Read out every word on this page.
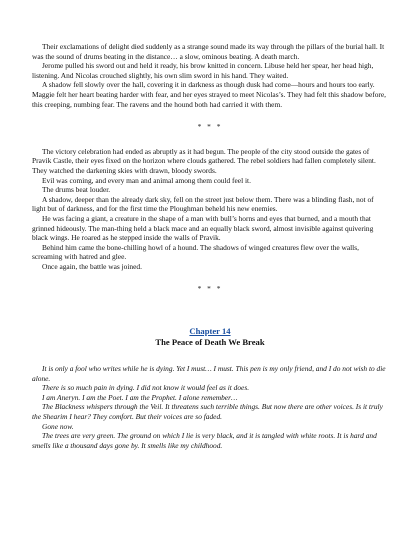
Their exclamations of delight died suddenly as a strange sound made its way through the pillars of the burial hall. It was the sound of drums beating in the distance… a slow, ominous beating. A death march.

Jerome pulled his sword out and held it ready, his brow knitted in concern. Libuse held her spear, her head high, listening. And Nicolas crouched slightly, his own slim sword in his hand. They waited.

A shadow fell slowly over the hall, covering it in darkness as though dusk had come—hours and hours too early. Maggie felt her heart beating harder with fear, and her eyes strayed to meet Nicolas’s. They had felt this shadow before, this creeping, numbing fear. The ravens and the hound both had carried it with them.

* * *

The victory celebration had ended as abruptly as it had begun. The people of the city stood outside the gates of Pravik Castle, their eyes fixed on the horizon where clouds gathered. The rebel soldiers had fallen completely silent. They watched the darkening skies with drawn, bloody swords.

Evil was coming, and every man and animal among them could feel it.

The drums beat louder.

A shadow, deeper than the already dark sky, fell on the street just below them. There was a blinding flash, not of light but of darkness, and for the first time the Ploughman beheld his new enemies.

He was facing a giant, a creature in the shape of a man with bull’s horns and eyes that burned, and a mouth that grinned hideously. The man-thing held a black mace and an equally black sword, almost invisible against quivering black wings. He roared as he stepped inside the walls of Pravik.

Behind him came the bone-chilling howl of a hound. The shadows of winged creatures flew over the walls, screaming with hatred and glee.

Once again, the battle was joined.

* * *
Chapter 14
The Peace of Death We Break

It is only a fool who writes while he is dying. Yet I must… I must. This pen is my only friend, and I do not wish to die alone.

There is so much pain in dying. I did not know it would feel as it does.

I am Aneryn. I am the Poet. I am the Prophet. I alone remember…

The Blackness whispers through the Veil. It threatens such terrible things. But now there are other voices. Is it truly the Shearim I hear? They comfort. But their voices are so faded.

Gone now.

The trees are very green. The ground on which I lie is very black, and it is tangled with white roots. It is hard and smells like a thousand days gone by. It smells like my childhood.
